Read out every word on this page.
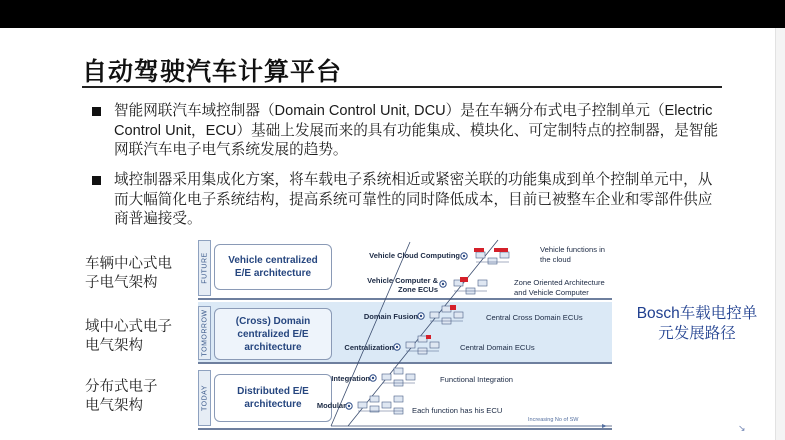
自动驾驶汽车计算平台
智能网联汽车域控制器（Domain Control Unit, DCU）是在车辆分布式电子控制单元（Electric Control Unit，ECU）基础上发展而来的具有功能集成、模块化、可定制特点的控制器，是智能网联汽车电子电气系统发展的趋势。
域控制器采用集成化方案，将车载电子系统相近或紧密关联的功能集成到单个控制单元中，从而大幅简化电子系统结构，提高系统可靠性的同时降低成本，目前已被整车企业和零部件供应商普遍接受。
车辆中心式电子电气架构
域中心式电子电气架构
分布式电子电气架构
Bosch车载电控单元发展路径
FUTURE
TOMORROW
TODAY
Vehicle centralized E/E architecture
(Cross) Domain centralized E/E architecture
Distributed E/E architecture
Vehicle Cloud Computing
Vehicle Computer & Zone ECUs
Domain Fusion
Centralization
Integration
Modular
Vehicle functions in the cloud
Zone Oriented Architecture and Vehicle Computer
Central Cross Domain ECUs
Central Domain ECUs
Functional Integration
Each function has his ECU
Increasing No of SW
↘
